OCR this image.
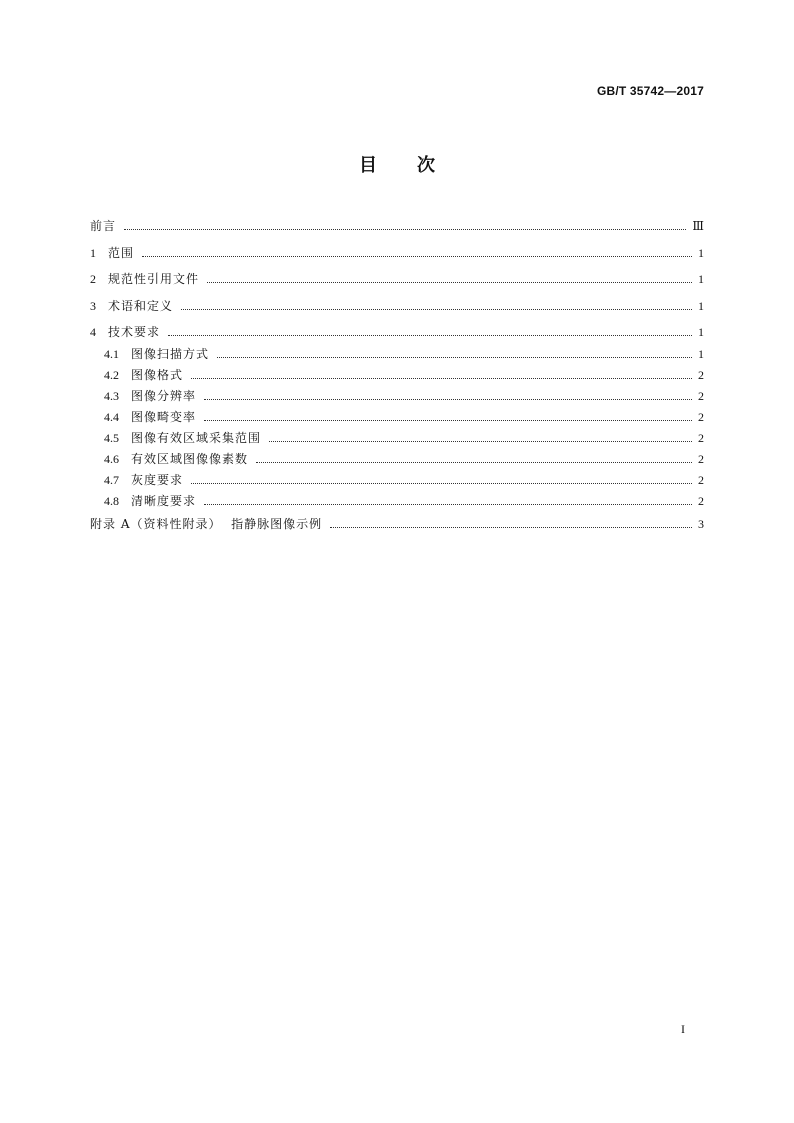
GB/T 35742—2017
目 次
前言	Ⅲ
1 范围	1
2 规范性引用文件	1
3 术语和定义	1
4 技术要求	1
4.1 图像扫描方式	1
4.2 图像格式	2
4.3 图像分辨率	2
4.4 图像畸变率	2
4.5 图像有效区域采集范围	2
4.6 有效区域图像像素数	2
4.7 灰度要求	2
4.8 清晰度要求	2
附录 A（资料性附录）  指静脉图像示例	3
I
